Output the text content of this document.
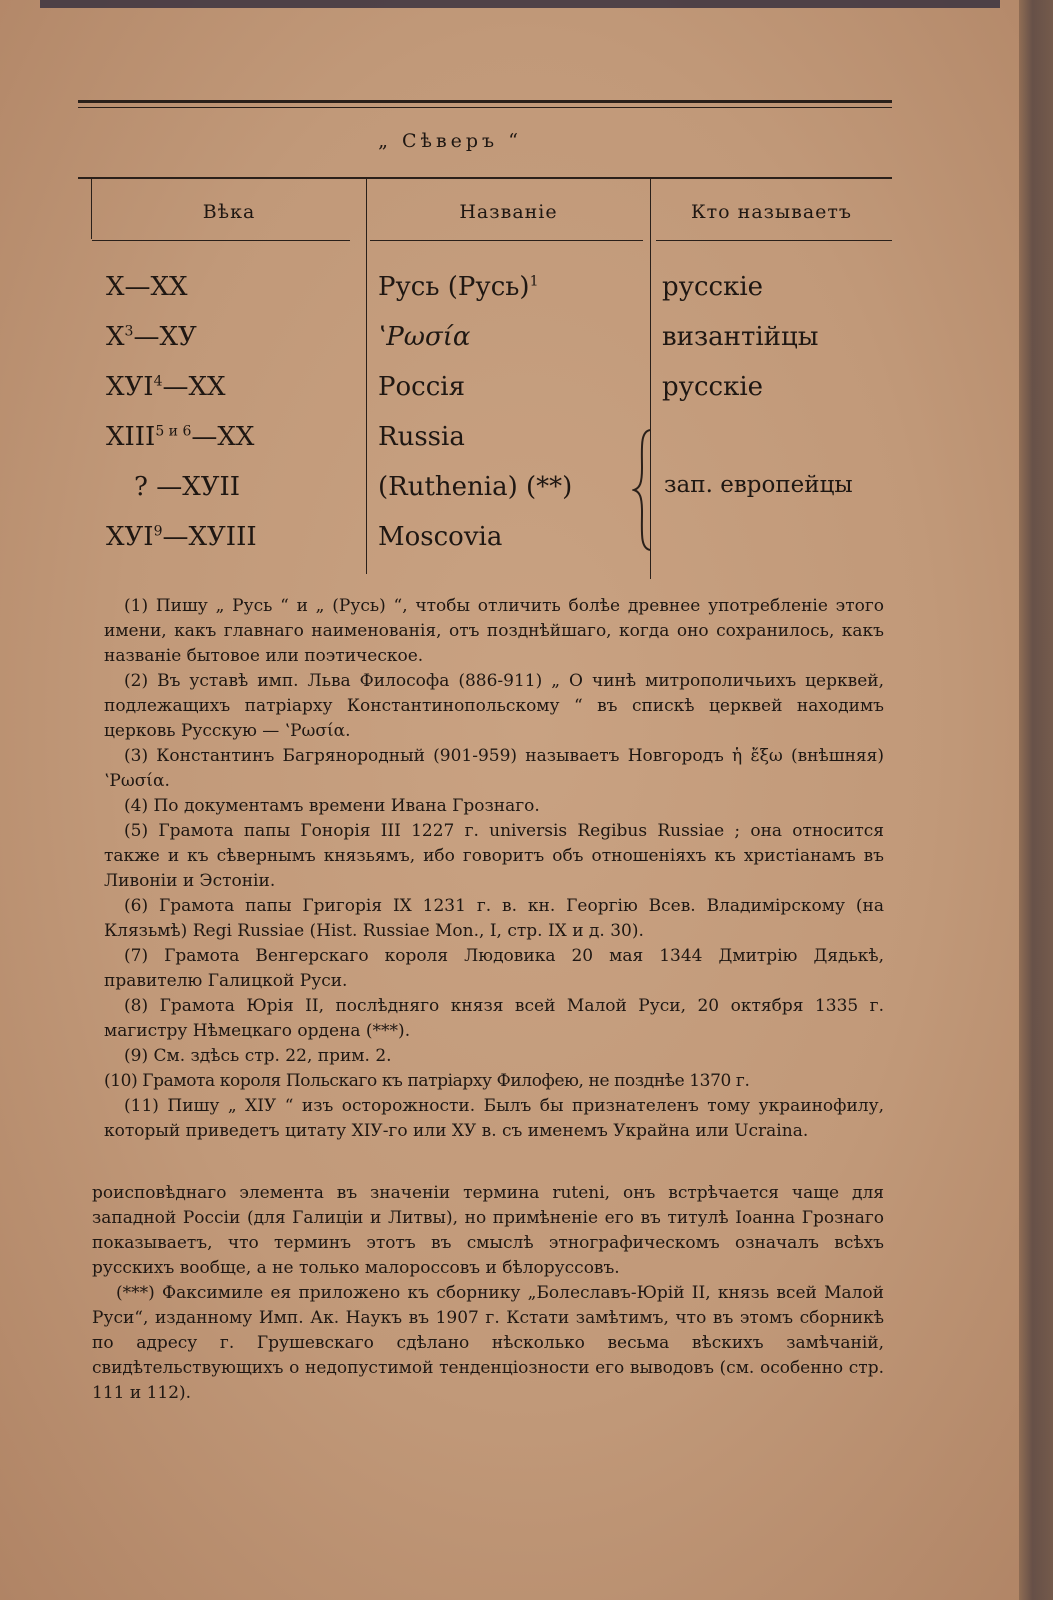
„ Сѣверъ “
Вѣка	Названіе	Кто называетъ
X—XX	Русь (Русь)$^1$	русскіе
$X^3—XУ$	ʽΡωσία	византійцы
XУI$^4$—XX	Россія	русскіе
$XIII^{5 и 6}—XX$	Russia
? —XУII	(Ruthenia) (**)	зап. европейцы
XУI$^9$—XУIII	Moscovia

(1) Пишу „ Русь “ и „ (Русь) “, чтобы отличить болѣе древнее употребленіе этого имени, какъ главнаго наименованія, отъ позднѣйшаго, когда оно сохранилось, какъ названіе бытовое или поэтическое.

(2) Въ уставѣ имп. Льва Философа (886-911) „ О чинѣ митрополичьихъ церквей, подлежащихъ патріарху Константинопольскому “ въ спискѣ церквей находимъ церковь Русскую — ʽΡωσία.

(3) Константинъ Багрянородный (901-959) называетъ Новгородъ ἡ ἔξω (внѣшняя) ʽΡωσία.

(4) По документамъ времени Ивана Грознаго.

(5) Грамота папы Гонорія III 1227 г. universis Regibus Russiae ; она относится также и къ сѣвернымъ князьямъ, ибо говоритъ объ отношеніяхъ къ христіанамъ въ Ливоніи и Эстоніи.

(6) Грамота папы Григорія IX 1231 г. в. кн. Георгію Всев. Владимірскому (на Клязьмѣ) Regi Russiae (Hist. Russiae Mon., I, стр. IX и д. 30).

(7) Грамота Венгерскаго короля Людовика 20 мая 1344 Дмитрію Дядькѣ, правителю Галицкой Руси.

(8) Грамота Юрія II, послѣдняго князя всей Малой Руси, 20 октября 1335 г. магистру Нѣмецкаго ордена (***).

(9) См. здѣсь стр. 22, прим. 2.

(10) Грамота короля Польскаго къ патріарху Филофею, не позднѣе 1370 г.

(11) Пишу „ XIУ “ изъ осторожности. Былъ бы признателенъ тому украинофилу, который приведетъ цитату XIУ-го или XУ в. съ именемъ Украйна или Ucraina.

роисповѣднаго элемента въ значеніи термина ruteni, онъ встрѣчается чаще для западной Россіи (для Галиціи и Литвы), но примѣненіе его въ титулѣ Іоанна Грознаго показываетъ, что терминъ этотъ въ смыслѣ этнографическомъ означалъ всѣхъ русскихъ вообще, а не только малороссовъ и бѣлоруссовъ.

(***) Факсимиле ея приложено къ сборнику „Болеславъ-Юрій II, князь всей Малой Руси“, изданному Имп. Ак. Наукъ въ 1907 г. Кстати замѣтимъ, что въ этомъ сборникѣ по адресу г. Грушевскаго сдѣлано нѣсколько весьма вѣскихъ замѣчаній, свидѣтельствующихъ о недопустимой тенденціозности его выводовъ (см. особенно стр. 111 и 112).
